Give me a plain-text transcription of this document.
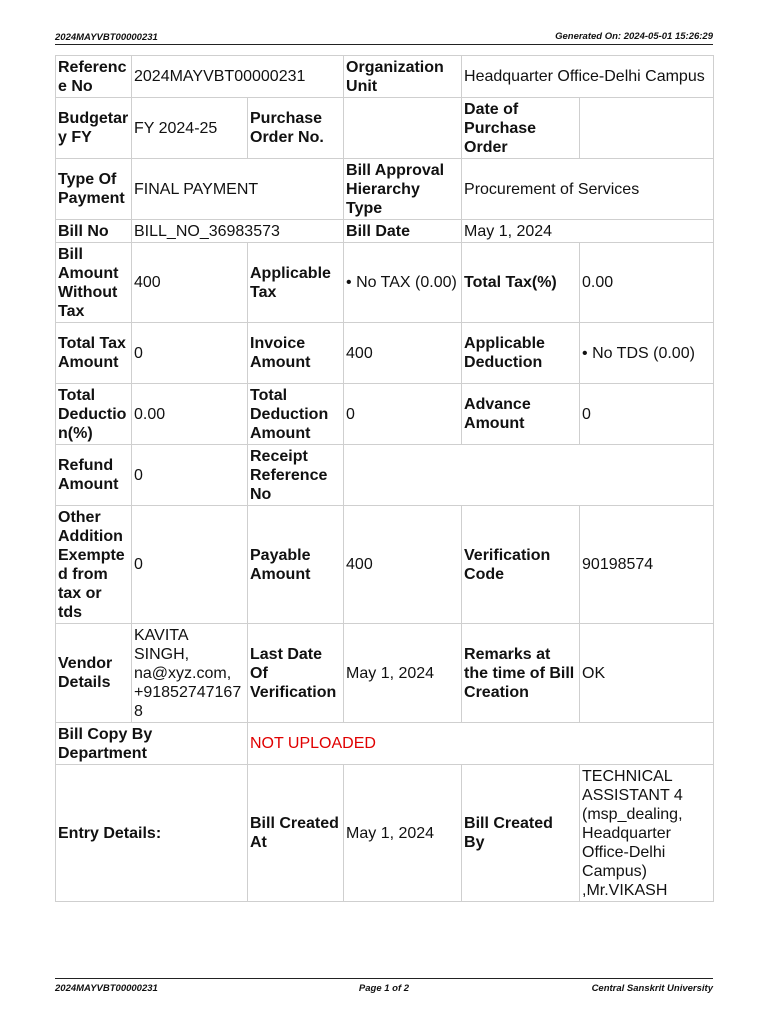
2024MAYVBT00000231	Generated On: 2024-05-01 15:26:29
Reference No	2024MAYVBT00000231		Organization Unit	Headquarter Office-Delhi Campus	
Budgetary FY	FY 2024-25	Purchase Order No.		Date of Purchase Order	
Type Of Payment	FINAL PAYMENT		Bill Approval Hierarchy Type	Procurement of Services	
Bill No	BILL_NO_36983573		Bill Date	May 1, 2024	
Bill Amount Without Tax	400	Applicable Tax	• No TAX (0.00)	Total Tax(%)	0.00
Total Tax Amount	0	Invoice Amount	400	Applicable Deduction	• No TDS (0.00)
Total Deduction(%)	0.00	Total Deduction Amount	0	Advance Amount	0
Refund Amount	0	Receipt Reference No			
Other Addition Exempted from tax or tds	0	Payable Amount	400	Verification Code	90198574
Vendor Details	KAVITA SINGH, na@xyz.com, +918527471678	Last Date Of Verification	May 1, 2024	Remarks at the time of Bill Creation	OK
Bill Copy By Department		NOT UPLOADED			
Entry Details:		Bill Created At	May 1, 2024	Bill Created By	TECHNICAL ASSISTANT 4 (msp_dealing, Headquarter Office-Delhi Campus) ,Mr.VIKASH
2024MAYVBT00000231	Page 1 of 2	Central Sanskrit University
